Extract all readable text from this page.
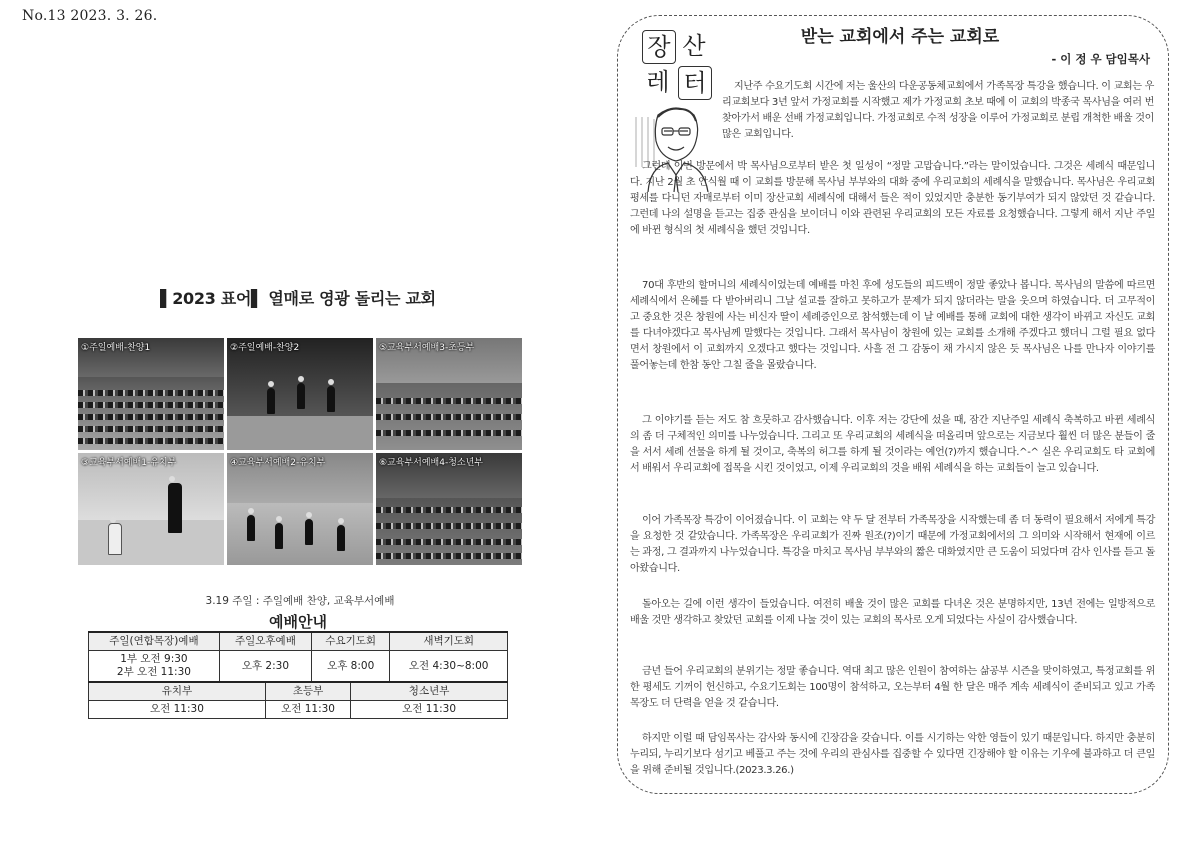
No.13 2023. 3. 26.
▌2023 표어▌ 열매로 영광 돌리는 교회
①주일예배-찬양1	②주일예배-찬양2	⑤교육부서예배3-초등부
③교육부서예배1-유치부	④교육부서예배2-유치부	⑥교육부서예배4-청소년부
3.19 주일 : 주일예배 찬양, 교육부서예배
예배안내					
주일(연합목장)예배	주일오후예배		수요기도회		새벽기도회

1부 오전 9:30
2부 오전 11:30	오후 2:30		오후 8:00		오전 4:30~8:00
유치부		초등부		청소년부	
오전 11:30		오전 11:30		오전 11:30	
장 산
레 터
받는 교회에서 주는 교회로
- 이 정 우 담임목사
지난주 수요기도회 시간에 저는 울산의 다운공동체교회에서 가족목장 특강을 했습니다. 이 교회는 우리교회보다 3년 앞서 가정교회를 시작했고 제가 가정교회 초보 때에 이 교회의 박종국 목사님을 여러 번 찾아가서 배운 선배 가정교회입니다. 가정교회로 수적 성장을 이루어 가정교회로 분립 개척한 배울 것이 많은 교회입니다.
그런데 이번 방문에서 박 목사님으로부터 받은 첫 일성이 “정말 고맙습니다.”라는 말이었습니다. 그것은 세례식 때문입니다. 지난 2월 초 안식월 때 이 교회를 방문해 목사님 부부와의 대화 중에 우리교회의 세례식을 말했습니다. 목사님은 우리교회 평세를 다니던 자매로부터 이미 장산교회 세례식에 대해서 들은 적이 있었지만 충분한 동기부여가 되지 않았던 것 같습니다. 그런데 나의 설명을 듣고는 집중 관심을 보이더니 이와 관련된 우리교회의 모든 자료를 요청했습니다. 그렇게 해서 지난 주일에 바뀐 형식의 첫 세례식을 했던 것입니다.
70대 후반의 할머니의 세례식이었는데 예배를 마친 후에 성도들의 피드백이 정말 좋았나 봅니다. 목사님의 말씀에 따르면 세례식에서 은혜를 다 받아버리니 그날 설교를 잘하고 못하고가 문제가 되지 않더라는 말을 웃으며 하였습니다. 더 고무적이고 중요한 것은 창원에 사는 비신자 딸이 세례증인으로 참석했는데 이 날 예배를 통해 교회에 대한 생각이 바뀌고 자신도 교회를 다녀야겠다고 목사님께 말했다는 것입니다. 그래서 목사님이 창원에 있는 교회를 소개해 주겠다고 했더니 그럴 필요 없다면서 창원에서 이 교회까지 오겠다고 했다는 것입니다. 사흘 전 그 감동이 채 가시지 않은 듯 목사님은 나를 만나자 이야기를 풀어놓는데 한참 동안 그칠 줄을 몰랐습니다.
그 이야기를 듣는 저도 참 흐뭇하고 감사했습니다. 이후 저는 강단에 섰을 때, 잠간 지난주일 세례식 축복하고 바뀐 세례식의 좀 더 구체적인 의미를 나누었습니다. 그리고 또 우리교회의 세례식을 떠올리며 앞으로는 지금보다 훨씬 더 많은 분들이 줄을 서서 세례 선물을 하게 될 것이고, 축복의 허그를 하게 될 것이라는 예언(?)까지 했습니다.^-^ 실은 우리교회도 타 교회에서 배워서 우리교회에 접목을 시킨 것이었고, 이제 우리교회의 것을 배워 세례식을 하는 교회들이 늘고 있습니다.
이어 가족목장 특강이 이어졌습니다. 이 교회는 약 두 달 전부터 가족목장을 시작했는데 좀 더 동력이 필요해서 저에게 특강을 요청한 것 같았습니다. 가족목장은 우리교회가 진짜 원조(?)이기 때문에 가정교회에서의 그 의미와 시작해서 현재에 이르는 과정, 그 결과까지 나누었습니다. 특강을 마치고 목사님 부부와의 짧은 대화였지만 큰 도움이 되었다며 감사 인사를 듣고 돌아왔습니다.
돌아오는 길에 이런 생각이 들었습니다. 여전히 배울 것이 많은 교회를 다녀온 것은 분명하지만, 13년 전에는 일방적으로 배울 것만 생각하고 찾았던 교회를 이제 나눌 것이 있는 교회의 목사로 오게 되었다는 사실이 감사했습니다.
금년 들어 우리교회의 분위기는 정말 좋습니다. 역대 최고 많은 인원이 참여하는 삶공부 시즌을 맞이하였고, 특정교회를 위한 평세도 기꺼이 헌신하고, 수요기도회는 100명이 참석하고, 오는부터 4월 한 달은 매주 계속 세례식이 준비되고 있고 가족목장도 더 단력을 얻을 것 같습니다.
하지만 이럴 때 담임목사는 감사와 동시에 긴장감을 갖습니다. 이를 시기하는 악한 영들이 있기 때문입니다. 하지만 충분히 누리되, 누리기보다 섬기고 베풀고 주는 것에 우리의 관심사를 집중할 수 있다면 긴장해야 할 이유는 기우에 불과하고 더 큰일을 위해 준비될 것입니다.(2023.3.26.)
